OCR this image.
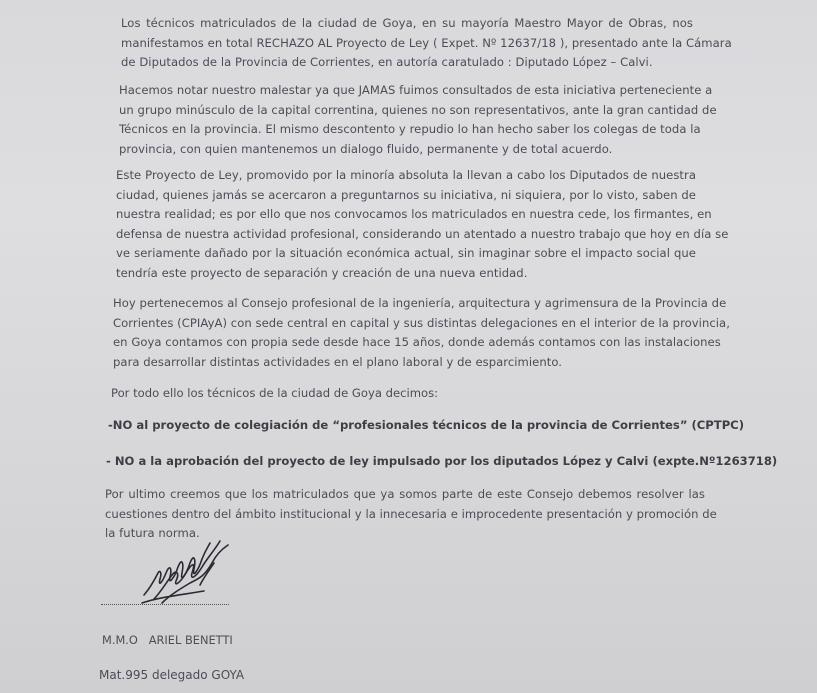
Los técnicos matriculados de la ciudad de Goya, en su mayoría Maestro Mayor de Obras, nos
manifestamos en total RECHAZO AL Proyecto de Ley ( Expet. Nº 12637/18 ), presentado ante la Cámara
de Diputados de la Provincia de Corrientes, en autoría caratulado : Diputado López – Calvi.
Hacemos notar nuestro malestar ya que JAMAS fuimos consultados de esta iniciativa perteneciente a
un grupo minúsculo de la capital correntina, quienes no son representativos, ante la gran cantidad de
Técnicos en la provincia. El mismo descontento y repudio lo han hecho saber los colegas de toda la
provincia, con quien mantenemos un dialogo fluido, permanente y de total acuerdo.
Este Proyecto de Ley, promovido por la minoría absoluta la llevan a cabo los Diputados de nuestra
ciudad, quienes jamás se acercaron a preguntarnos su iniciativa, ni siquiera, por lo visto, saben de
nuestra realidad; es por ello que nos convocamos los matriculados en nuestra cede, los firmantes, en
defensa de nuestra actividad profesional, considerando un atentado a nuestro trabajo que hoy en día se
ve seriamente dañado por la situación económica actual, sin imaginar sobre el impacto social que
tendría este proyecto de separación y creación de una nueva entidad.
Hoy pertenecemos al Consejo profesional de la ingeniería, arquitectura y agrimensura de la Provincia de
Corrientes (CPIAyA) con sede central en capital y sus distintas delegaciones en el interior de la provincia,
en Goya contamos con propia sede desde hace 15 años, donde además contamos con las instalaciones
para desarrollar distintas actividades en el plano laboral y de esparcimiento.
Por todo ello los técnicos de la ciudad de Goya decimos:
-NO al proyecto de colegiación de “profesionales técnicos de la provincia de Corrientes” (CPTPC)
- NO a la aprobación del proyecto de ley impulsado por los diputados López y Calvi (expte.Nº1263718)
Por ultimo creemos que los matriculados que ya somos parte de este Consejo debemos resolver las
cuestiones dentro del ámbito institucional y la innecesaria e improcedente presentación y promoción de
la futura norma.
M.M.O   ARIEL BENETTI
Mat.995 delegado GOYA
